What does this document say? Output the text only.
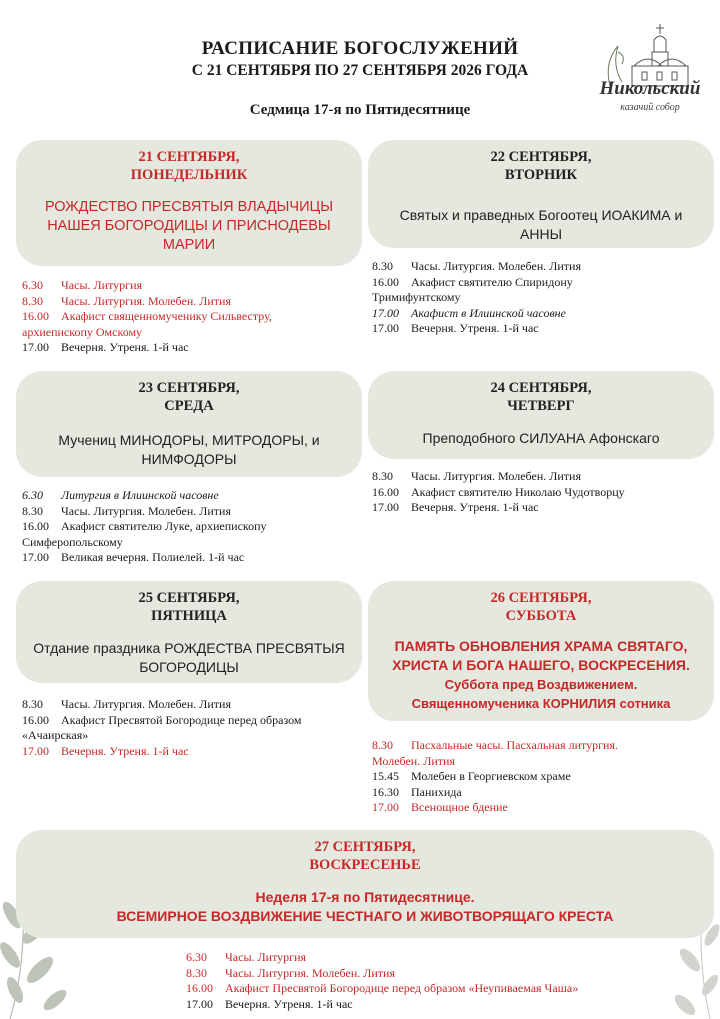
РАСПИСАНИЕ БОГОСЛУЖЕНИЙ
С 21 СЕНТЯБРЯ ПО 27 СЕНТЯБРЯ 2026 ГОДА
Седмица 17-я по Пятидесятнице
Никольский
казачий собор
21 СЕНТЯБРЯ,
ПОНЕДЕЛЬНИК
РОЖДЕСТВО ПРЕСВЯТЫЯ ВЛАДЫЧИЦЫ
НАШЕЯ БОГОРОДИЦЫ И ПРИСНОДЕВЫ
МАРИИ
6.30 Часы. Литургия
8.30 Часы. Литургия. Молебен. Лития
16.00 Акафист священномученику Сильвестру,
архиепископу Омскому
17.00 Вечерня. Утреня. 1-й час
22 СЕНТЯБРЯ,
ВТОРНИК
Святых и праведных Богоотец ИОАКИМА и
АННЫ
8.30 Часы. Литургия. Молебен. Лития
16.00 Акафист святителю Спиридону
Тримифунтскому
17.00 Акафист в Илиинской часовне
17.00 Вечерня. Утреня. 1-й час
23 СЕНТЯБРЯ,
СРЕДА
Мучениц МИНОДОРЫ, МИТРОДОРЫ, и
НИМФОДОРЫ
6.30 Литургия в Илиинской часовне
8.30 Часы. Литургия. Молебен. Лития
16.00 Акафист святителю Луке, архиепископу
Симферопольскому
17.00 Великая вечерня. Полиелей. 1-й час
24 СЕНТЯБРЯ,
ЧЕТВЕРГ
Преподобного СИЛУАНА Афонскаго
8.30 Часы. Литургия. Молебен. Лития
16.00 Акафист святителю Николаю Чудотворцу
17.00 Вечерня. Утреня. 1-й час
25 СЕНТЯБРЯ,
ПЯТНИЦА
Отдание праздника РОЖДЕСТВА ПРЕСВЯТЫЯ
БОГОРОДИЦЫ
8.30 Часы. Литургия. Молебен. Лития
16.00 Акафист Пресвятой Богородице перед образом
«Ачаирская»
17.00 Вечерня. Утреня. 1-й час
26 СЕНТЯБРЯ,
СУББОТА
ПАМЯТЬ ОБНОВЛЕНИЯ ХРАМА СВЯТАГО,
ХРИСТА И БОГА НАШЕГО, ВОСКРЕСЕНИЯ.
Суббота пред Воздвижением.
Священномученика КОРНИЛИЯ сотника
8.30 Пасхальные часы. Пасхальная литургия.
Молебен. Лития
15.45 Молебен в Георгиевском храме
16.30 Панихида
17.00 Всенощное бдение
27 СЕНТЯБРЯ,
ВОСКРЕСЕНЬЕ
Неделя 17-я по Пятидесятнице.
ВСЕМИРНОЕ ВОЗДВИЖЕНИЕ ЧЕСТНАГО И ЖИВОТВОРЯЩАГО КРЕСТА
6.30 Часы. Литургия
8.30 Часы. Литургия. Молебен. Лития
16.00 Акафист Пресвятой Богородице перед образом «Неупиваемая Чаша»
17.00 Вечерня. Утреня. 1-й час
